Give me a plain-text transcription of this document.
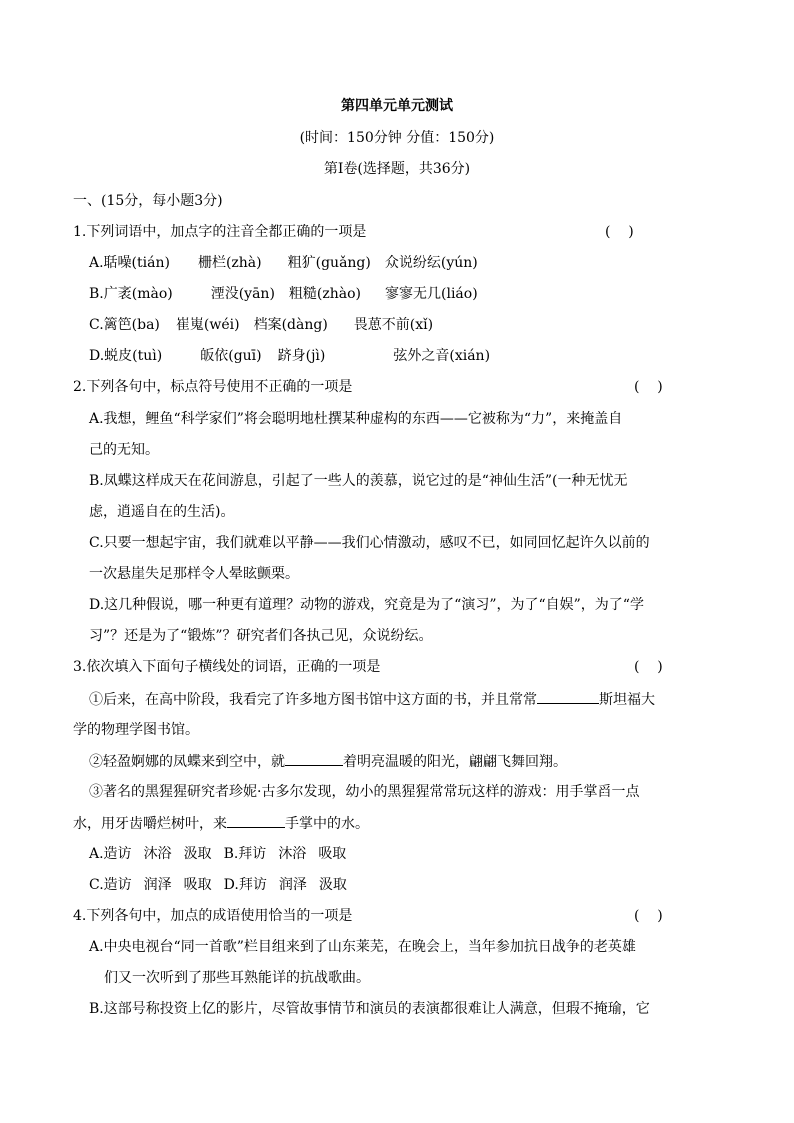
第四单元单元测试
(时间：150分钟 分值：150分)
第Ⅰ卷(选择题，共36分)
一、(15分，每小题3分)
1.下列词语中，加点字的注音全都正确的一项是	(    )
A.聒噪(tián) 栅栏(zhà) 粗犷(guǎng) 众说纷纭(yún)
B.广袤(mào)	湮没(yān) 粗糙(zhào) 寥寥无几(liáo)
C.篱笆(ba) 崔嵬(wéi) 档案(dàng) 畏葸不前(xǐ)
D.蜕皮(tuì)	皈依(guī) 跻身(jì)	弦外之音(xián)
2.下列各句中，标点符号使用不正确的一项是	(    )
A.我想，鲤鱼“科学家们”将会聪明地杜撰某种虚构的东西——它被称为“力”，来掩盖自
己的无知。
B.凤蝶这样成天在花间游息，引起了一些人的羡慕，说它过的是“神仙生活”(一种无忧无
虑，逍遥自在的生活)。
C.只要一想起宇宙，我们就难以平静——我们心情激动，感叹不已，如同回忆起许久以前的
一次悬崖失足那样令人晕眩颤栗。
D.这几种假说，哪一种更有道理？动物的游戏，究竟是为了“演习”，为了“自娱”，为了“学
习”？还是为了“锻炼”？研究者们各执己见，众说纷纭。
3.依次填入下面句子横线处的词语，正确的一项是	(    )
①后来，在高中阶段，我看完了许多地方图书馆中这方面的书，并且常常	斯坦福大
学的物理学图书馆。
②轻盈婀娜的凤蝶来到空中，就	着明亮温暖的阳光，翩翩飞舞回翔。
③著名的黑猩猩研究者珍妮·古多尔发现，幼小的黑猩猩常常玩这样的游戏：用手掌舀一点
水，用牙齿嚼烂树叶，来	手掌中的水。
A.造访 沐浴 汲取 B.拜访 沐浴 吸取
C.造访 润泽 吸取 D.拜访 润泽 汲取
4.下列各句中，加点的成语使用恰当的一项是	(    )
A.中央电视台“同一首歌”栏目组来到了山东莱芜，在晚会上，当年参加抗日战争的老英雄
们又一次听到了那些耳熟能详的抗战歌曲。
B.这部号称投资上亿的影片，尽管故事情节和演员的表演都很难让人满意，但瑕不掩瑜，它
